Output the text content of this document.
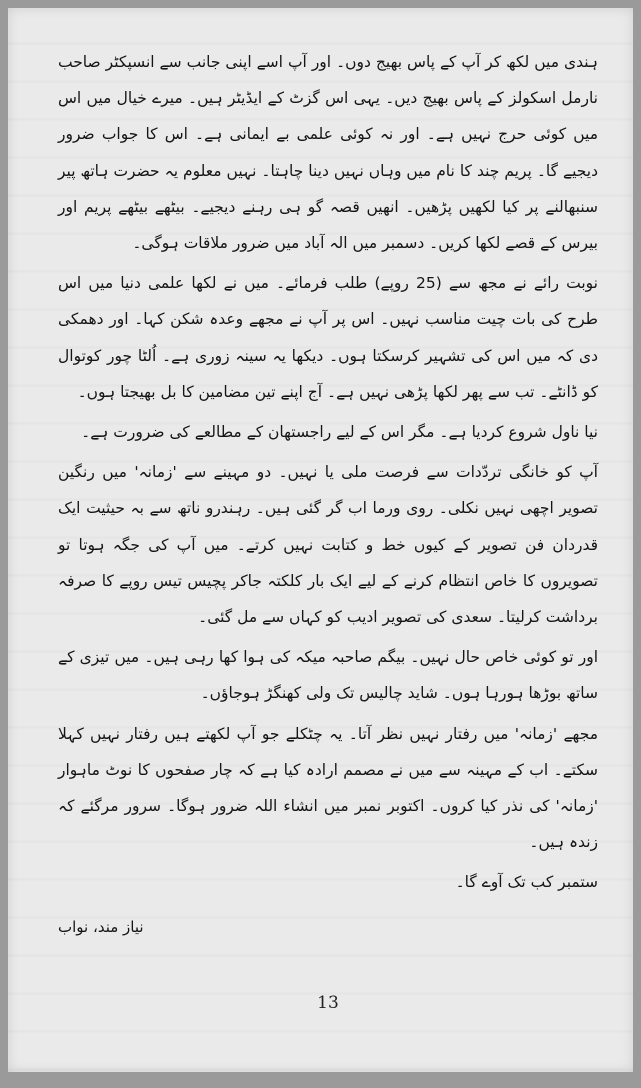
ہندی میں لکھ کر آپ کے پاس بھیج دوں۔ اور آپ اسے اپنی جانب سے انسپکٹر صاحب نارمل اسکولز کے پاس بھیج دیں۔ یہی اس گزٹ کے ایڈیٹر ہیں۔ میرے خیال میں اس میں کوئی حرج نہیں ہے۔ اور نہ کوئی علمی بے ایمانی ہے۔ اس کا جواب ضرور دیجیے گا۔ پریم چند کا نام میں وہاں نہیں دینا چاہتا۔ نہیں معلوم یہ حضرت ہاتھ پیر سنبھالنے پر کیا لکھیں پڑھیں۔ انھیں قصہ گو ہی رہنے دیجیے۔ بیٹھے بیٹھے پریم اور بیرس کے قصے لکھا کریں۔ دسمبر میں الہ آباد میں ضرور ملاقات ہوگی۔

نوبت رائے نے مجھ سے (25 روپے) طلب فرمائے۔ میں نے لکھا علمی دنیا میں اس طرح کی بات چیت مناسب نہیں۔ اس پر آپ نے مجھے وعدہ شکن کہا۔ اور دھمکی دی کہ میں اس کی تشہیر کرسکتا ہوں۔ دیکھا یہ سینہ زوری ہے۔ اُلٹا چور کوتوال کو ڈانٹے۔ تب سے پھر لکھا پڑھی نہیں ہے۔ آج اپنے تین مضامین کا بل بھیجتا ہوں۔

نیا ناول شروع کردیا ہے۔ مگر اس کے لیے راجستھان کے مطالعے کی ضرورت ہے۔

آپ کو خانگی تردّدات سے فرصت ملی یا نہیں۔ دو مہینے سے 'زمانہ' میں رنگین تصویر اچھی نہیں نکلی۔ روی ورما اب گر گئی ہیں۔ رہندرو ناتھ سے بہ حیثیت ایک قدردان فن تصویر کے کیوں خط و کتابت نہیں کرتے۔ میں آپ کی جگہ ہوتا تو تصویروں کا خاص انتظام کرنے کے لیے ایک بار کلکتہ جاکر پچیس تیس روپے کا صرفہ برداشت کرلیتا۔ سعدی کی تصویر ادیب کو کہاں سے مل گئی۔

اور تو کوئی خاص حال نہیں۔ بیگم صاحبہ میکہ کی ہوا کھا رہی ہیں۔ میں تیزی کے ساتھ بوڑھا ہورہا ہوں۔ شاید چالیس تک ولی کھنگڑ ہوجاؤں۔

مجھے 'زمانہ' میں رفتار نہیں نظر آتا۔ یہ چٹکلے جو آپ لکھتے ہیں رفتار نہیں کہلا سکتے۔ اب کے مہینہ سے میں نے مصمم ارادہ کیا ہے کہ چار صفحوں کا نوٹ ماہوار 'زمانہ' کی نذر کیا کروں۔ اکتوبر نمبر میں انشاء اللہ ضرور ہوگا۔ سرور مرگئے کہ زندہ ہیں۔

ستمبر کب تک آوے گا۔

نیاز مند، نواب
13
